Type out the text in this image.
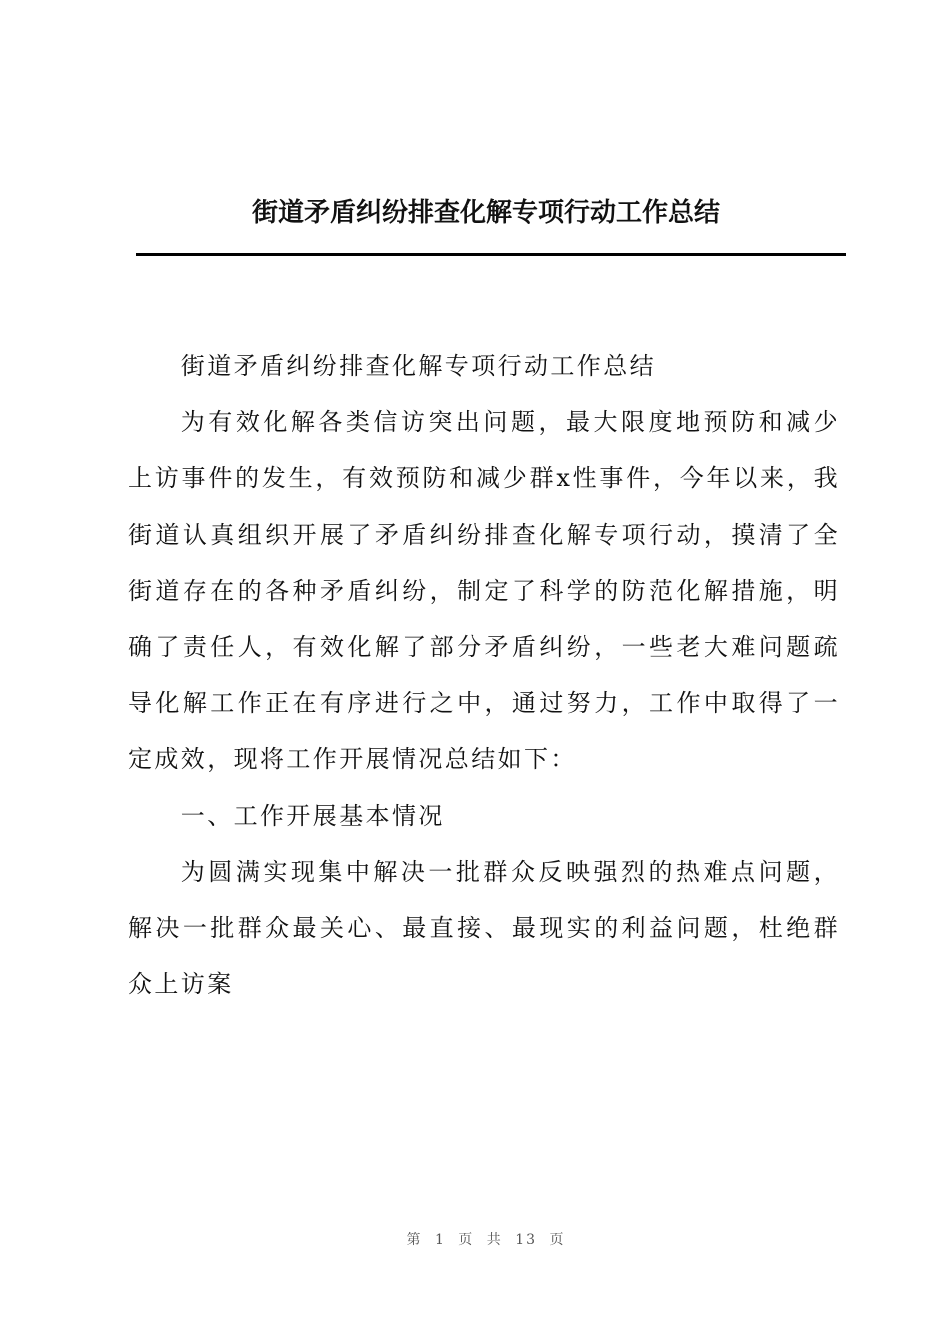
街道矛盾纠纷排查化解专项行动工作总结

街道矛盾纠纷排查化解专项行动工作总结

为有效化解各类信访突出问题，最大限度地预防和减少上访事件的发生，有效预防和减少群x性事件，今年以来，我街道认真组织开展了矛盾纠纷排查化解专项行动，摸清了全街道存在的各种矛盾纠纷，制定了科学的防范化解措施，明确了责任人，有效化解了部分矛盾纠纷，一些老大难问题疏导化解工作正在有序进行之中，通过努力，工作中取得了一定成效，现将工作开展情况总结如下：

一、工作开展基本情况

为圆满实现集中解决一批群众反映强烈的热难点问题，解决一批群众最关心、最直接、最现实的利益问题，杜绝群众上访案

第 1 页 共 13 页
